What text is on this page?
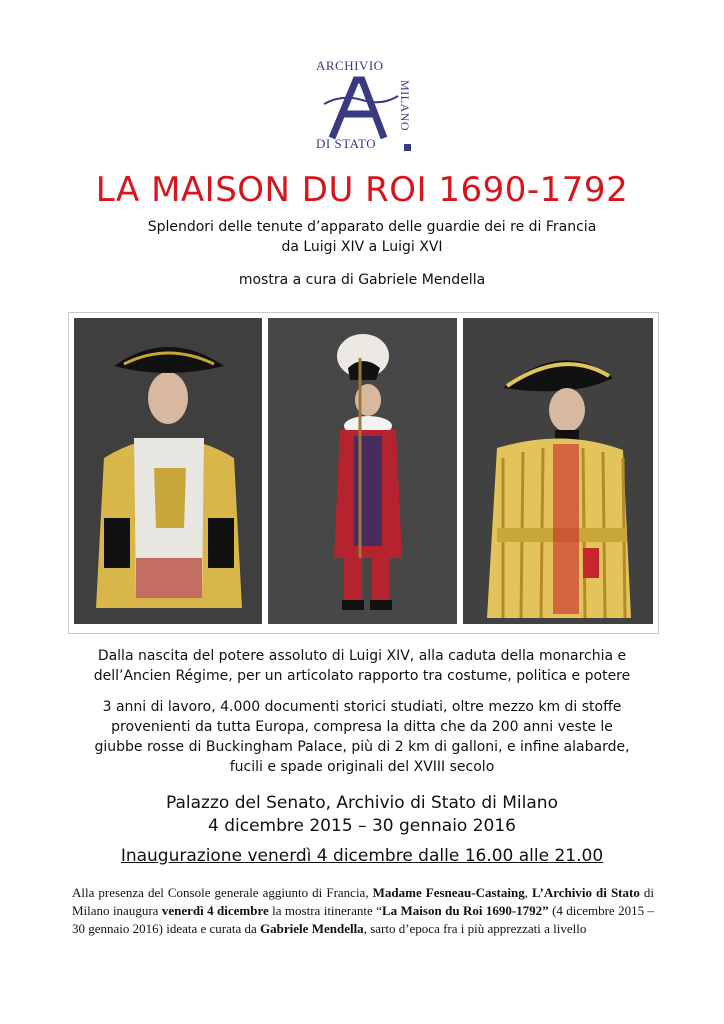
ARCHIVIO
DI STATO
MILANO
LA MAISON DU ROI 1690-1792
Splendori delle tenute d’apparato delle guardie dei re di Francia
da Luigi XIV a Luigi XVI
mostra a cura di Gabriele Mendella
Dalla nascita del potere assoluto di Luigi XIV, alla caduta della monarchia e
dell’Ancien Régime, per un articolato rapporto tra costume, politica e potere
3 anni di lavoro, 4.000 documenti storici studiati, oltre mezzo km di stoffe
provenienti da tutta Europa, compresa la ditta che da 200 anni veste le
giubbe rosse di Buckingham Palace, più di 2 km di galloni, e infine alabarde,
fucili e spade originali del XVIII secolo
Palazzo del Senato, Archivio di Stato di Milano
4 dicembre 2015 – 30 gennaio 2016
Inaugurazione venerdì 4 dicembre dalle 16.00 alle 21.00
Alla presenza del Console generale aggiunto di Francia, Madame Fesneau-Castaing, L’Archivio di Stato di Milano inaugura venerdì 4 dicembre la mostra itinerante “La Maison du Roi 1690-1792” (4 dicembre 2015 – 30 gennaio 2016) ideata e curata da Gabriele Mendella, sarto d’epoca fra i più apprezzati a livello
